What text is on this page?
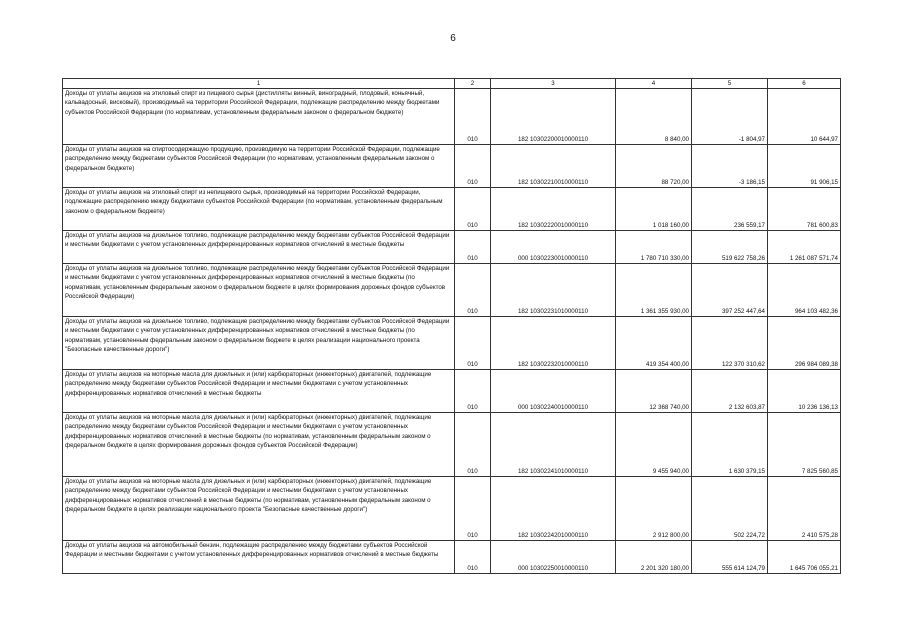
6
1	2	3	4	5	6
Доходы от уплаты акцизов на этиловый спирт из пищевого сырья (дистилляты винный, виноградный, плодовый, коньячный, кальвадосный, висковый), производимый на территории Российской Федерации, подлежащие распределению между бюджетами субъектов Российской Федерации (по нормативам, установленным федеральным законом о федеральном бюджете)	010	182 10302200010000110	8 840,00	-1 804,97	10 644,97
Доходы от уплаты акцизов на спиртосодержащую продукцию, производимую на территории Российской Федерации, подлежащие распределению между бюджетами субъектов Российской Федерации (по нормативам, установленным федеральным законом о федеральном бюджете)	010	182 10302210010000110	88 720,00	-3 186,15	91 906,15
Доходы от уплаты акцизов на этиловый спирт из непищевого сырья, производимый на территории Российской Федерации, подлежащие распределению между бюджетами субъектов Российской Федерации (по нормативам, установленным федеральным законом о федеральном бюджете)	010	182 10302220010000110	1 018 160,00	236 559,17	781 600,83
Доходы от уплаты акцизов на дизельное топливо, подлежащие распределению между бюджетами субъектов Российской Федерации и местными бюджетами с учетом установленных дифференцированных нормативов отчислений в местные бюджеты	010	000 10302230010000110	1 780 710 330,00	519 622 758,26	1 261 087 571,74
Доходы от уплаты акцизов на дизельное топливо, подлежащие распределению между бюджетами субъектов Российской Федерации и местными бюджетами с учетом установленных дифференцированных нормативов отчислений в местные бюджеты (по нормативам, установленным федеральным законом о федеральном бюджете в целях формирования дорожных фондов субъектов Российской Федерации)	010	182 10302231010000110	1 361 355 930,00	397 252 447,64	964 103 482,36
Доходы от уплаты акцизов на дизельное топливо, подлежащие распределению между бюджетами субъектов Российской Федерации и местными бюджетами с учетом установленных дифференцированных нормативов отчислений в местные бюджеты (по нормативам, установленным федеральным законом о федеральном бюджете в целях реализации национального проекта "Безопасные качественные дороги")	010	182 10302232010000110	419 354 400,00	122 370 310,62	296 984 089,38
Доходы от уплаты акцизов на моторные масла для дизельных и (или) карбюраторных (инжекторных) двигателей, подлежащие распределению между бюджетами субъектов Российской Федерации и местными бюджетами с учетом установленных дифференцированных нормативов отчислений в местные бюджеты	010	000 10302240010000110	12 368 740,00	2 132 603,87	10 236 136,13
Доходы от уплаты акцизов на моторные масла для дизельных и (или) карбюраторных (инжекторных) двигателей, подлежащие распределению между бюджетами субъектов Российской Федерации и местными бюджетами с учетом установленных дифференцированных нормативов отчислений в местные бюджеты (по нормативам, установленным федеральным законом о федеральном бюджете в целях формирования дорожных фондов субъектов Российской Федерации)	010	182 10302241010000110	9 455 940,00	1 630 379,15	7 825 560,85
Доходы от уплаты акцизов на моторные масла для дизельных и (или) карбюраторных (инжекторных) двигателей, подлежащие распределению между бюджетами субъектов Российской Федерации и местными бюджетами с учетом установленных дифференцированных нормативов отчислений в местные бюджеты (по нормативам, установленным федеральным законом о федеральном бюджете в целях реализации национального проекта "Безопасные качественные дороги")	010	182 10302242010000110	2 912 800,00	502 224,72	2 410 575,28
Доходы от уплаты акцизов на автомобильный бензин, подлежащие распределению между бюджетами субъектов Российской Федерации и местными бюджетами с учетом установленных дифференцированных нормативов отчислений в местные бюджеты	010	000 10302250010000110	2 201 320 180,00	555 614 124,79	1 645 706 055,21
